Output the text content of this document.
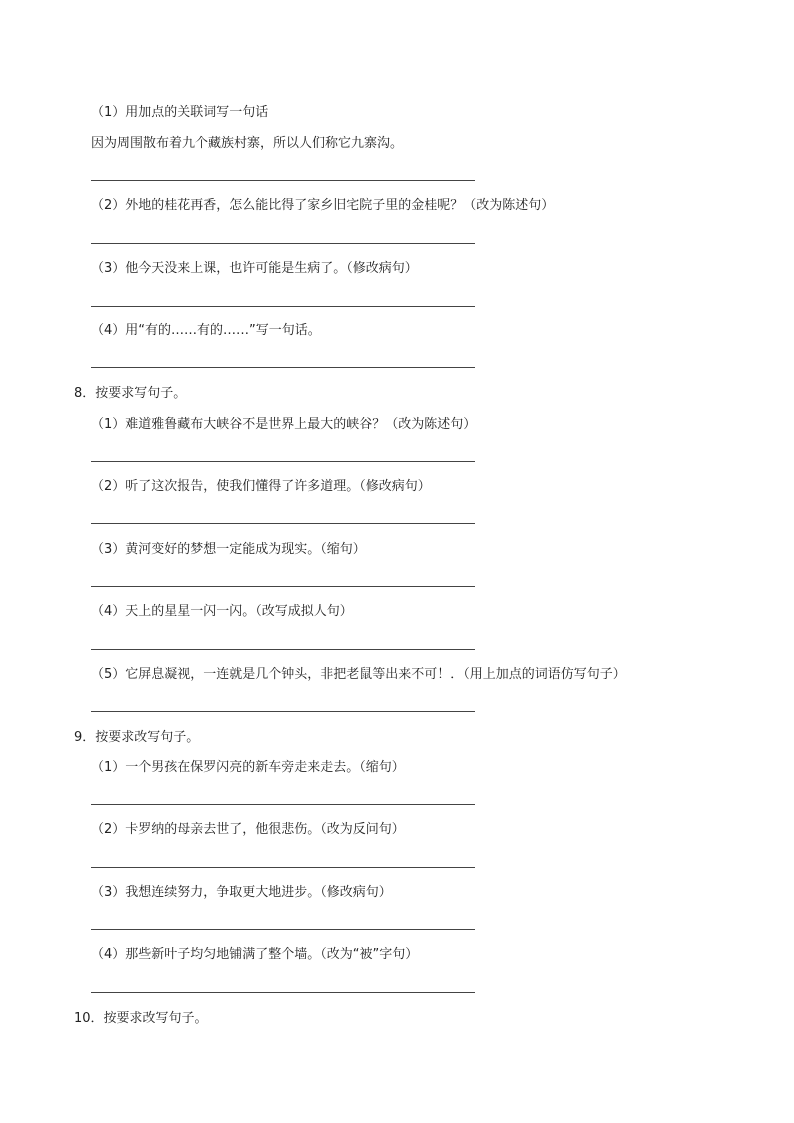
（1）用加点的关联词写一句话
因为周围散布着九个藏族村寨，所以人们称它九寨沟。
（2）外地的桂花再香，怎么能比得了家乡旧宅院子里的金桂呢？（改为陈述句）
（3）他今天没来上课，也许可能是生病了。（修改病句）
（4）用“有的……有的……”写一句话。
8．按要求写句子。
（1）难道雅鲁藏布大峡谷不是世界上最大的峡谷？（改为陈述句）
（2）听了这次报告，使我们懂得了许多道理。（修改病句）
（3）黄河变好的梦想一定能成为现实。（缩句）
（4）天上的星星一闪一闪。（改写成拟人句）
（5）它屏息凝视，一连就是几个钟头，非把老鼠等出来不可！．（用上加点的词语仿写句子）
9．按要求改写句子。
（1）一个男孩在保罗闪亮的新车旁走来走去。（缩句）
（2）卡罗纳的母亲去世了，他很悲伤。（改为反问句）
（3）我想连续努力，争取更大地进步。（修改病句）
（4）那些新叶子均匀地铺满了整个墙。（改为“被”字句）
10．按要求改写句子。
